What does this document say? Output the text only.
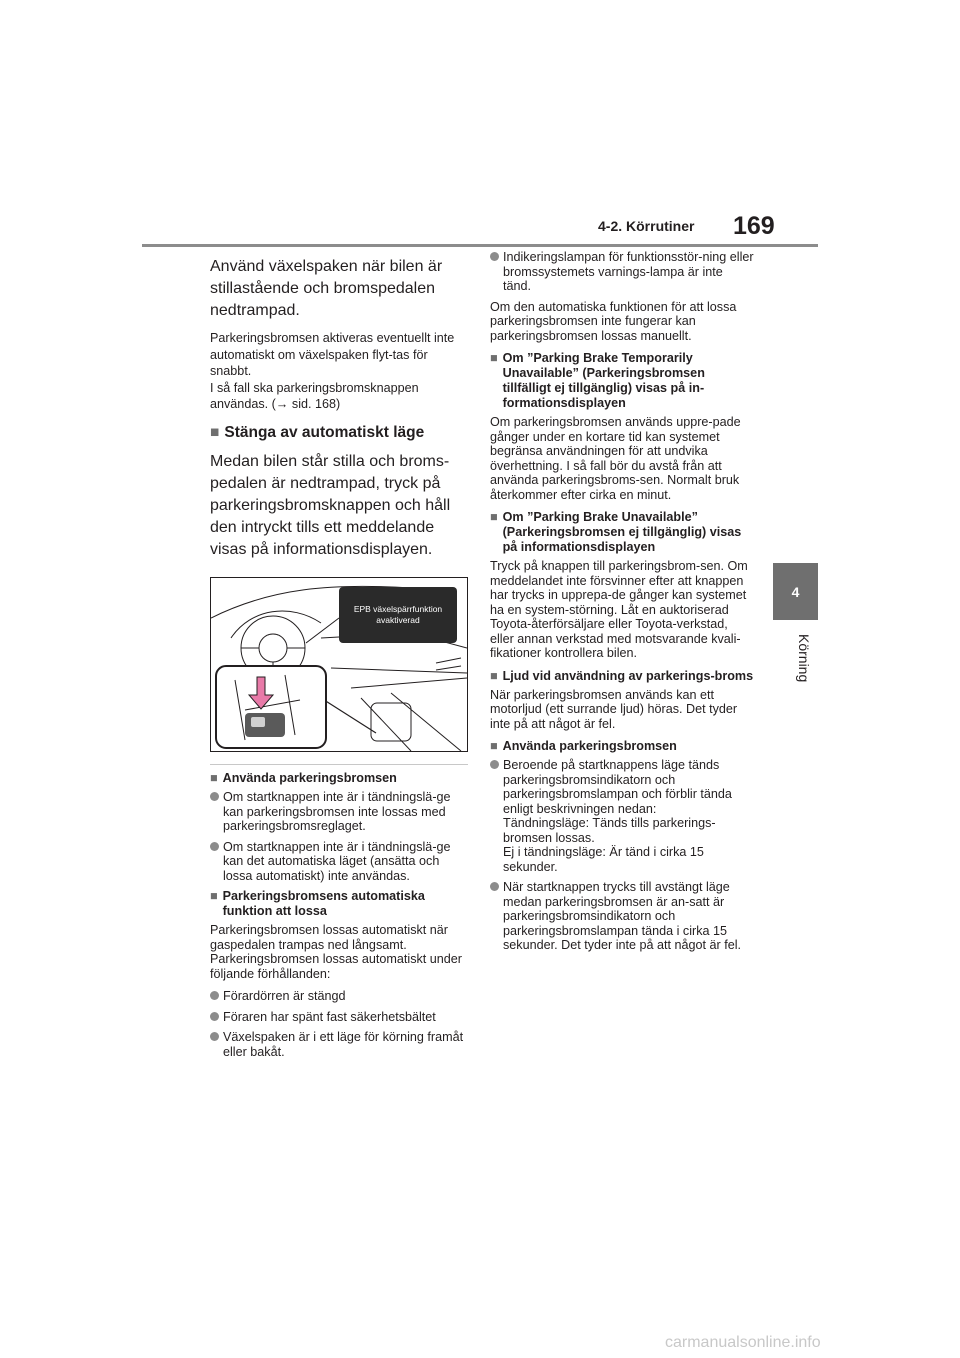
4-2. Körrutiner 169
4
Körning

Använd växelspaken när bilen är stillastående och bromspedalen nedtrampad.

Parkeringsbromsen aktiveras eventuellt inte automatiskt om växelspaken flyt-tas för snabbt.

I så fall ska parkeringsbromsknappen användas. (→ sid. 168)

■ Stänga av automatiskt läge

Medan bilen står stilla och broms-pedalen är nedtrampad, tryck på parkeringsbromsknappen och håll den intryckt tills ett meddelande visas på informationsdisplayen.

EPB växelspärrfunktion
avaktiverad
■ Använda parkeringsbromsen
Om startknappen inte är i tändningslä-ge kan parkeringsbromsen inte lossas med parkeringsbromsreglaget.
Om startknappen inte är i tändningslä-ge kan det automatiska läget (ansätta och lossa automatiskt) inte användas.
■ Parkeringsbromsens automatiska funktion att lossa

Parkeringsbromsen lossas automatiskt när gaspedalen trampas ned långsamt. Parkeringsbromsen lossas automatiskt under följande förhållanden:

Förardörren är stängd
Föraren har spänt fast säkerhetsbältet
Växelspaken är i ett läge för körning framåt eller bakåt.
Indikeringslampan för funktionsstör-ning eller bromssystemets varnings-lampa är inte tänd.

Om den automatiska funktionen för att lossa parkeringsbromsen inte fungerar kan parkeringsbromsen lossas manuellt.

■ Om ”Parking Brake Temporarily Unavailable” (Parkeringsbromsen tillfälligt ej tillgänglig) visas på in-formationsdisplayen

Om parkeringsbromsen används uppre-pade gånger under en kortare tid kan systemet begränsa användningen för att undvika överhettning. I så fall bör du avstå från att använda parkeringsbroms-sen. Normalt bruk återkommer efter cirka en minut.

■ Om ”Parking Brake Unavailable” (Parkeringsbromsen ej tillgänglig) visas på informationsdisplayen

Tryck på knappen till parkeringsbrom-sen. Om meddelandet inte försvinner efter att knappen har trycks in upprepa-de gånger kan systemet ha en system-störning. Låt en auktoriserad Toyota-återförsäljare eller Toyota-verkstad, eller annan verkstad med motsvarande kvali-fikationer kontrollera bilen.

■ Ljud vid användning av parkerings-broms

När parkeringsbromsen används kan ett motorljud (ett surrande ljud) höras. Det tyder inte på att något är fel.

■ Använda parkeringsbromsen
Beroende på startknappens läge tänds parkeringsbromsindikatorn och parkeringsbromslampan och förblir tända enligt beskrivningen nedan:
Tändningsläge: Tänds tills parkerings-bromsen lossas.
Ej i tändningsläge: Är tänd i cirka 15 sekunder.
När startknappen trycks till avstängt läge medan parkeringsbromsen är an-satt är parkeringsbromsindikatorn och parkeringsbromslampan tända i cirka 15 sekunder. Det tyder inte på att något är fel.
carmanualsonline.info
